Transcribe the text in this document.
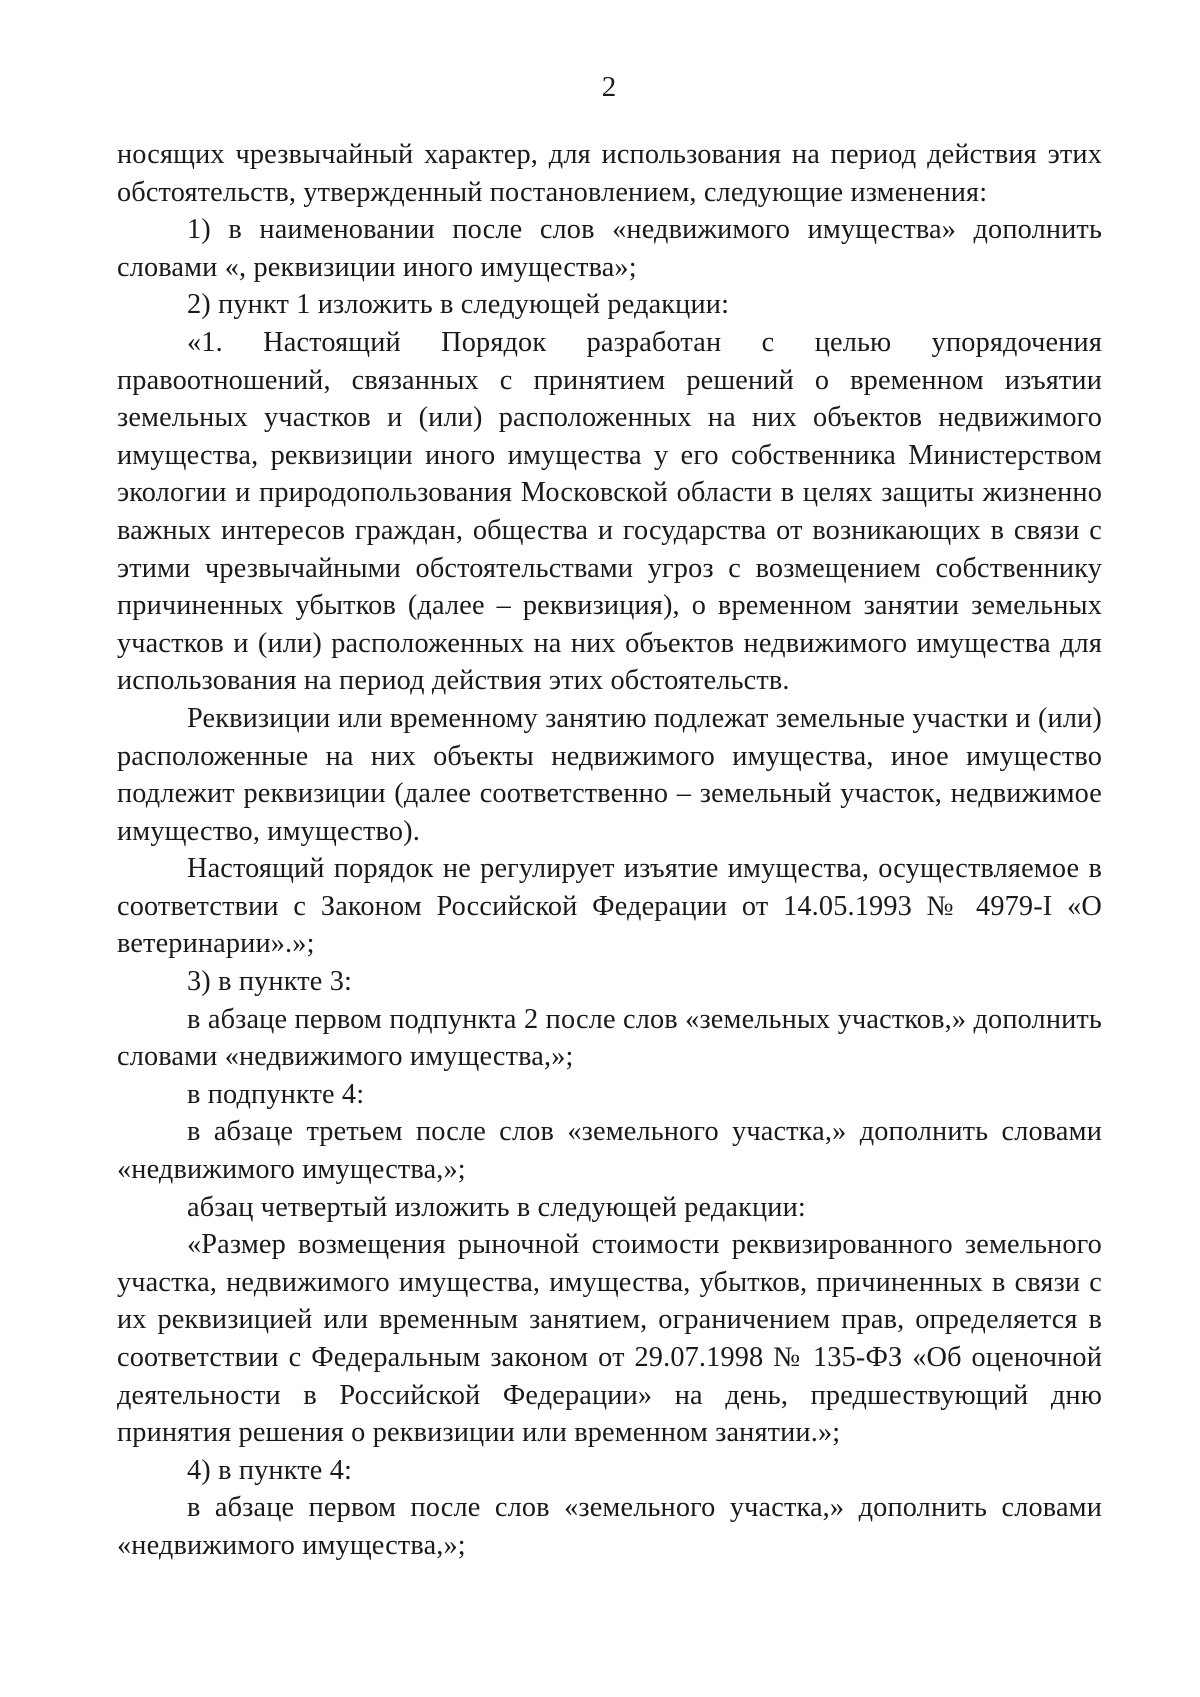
2

носящих чрезвычайный характер, для использования на период действия этих обстоятельств, утвержденный постановлением, следующие изменения:

1) в наименовании после слов «недвижимого имущества» дополнить словами «, реквизиции иного имущества»;

2) пункт 1 изложить в следующей редакции:

«1. Настоящий Порядок разработан с целью упорядочения правоотношений, связанных с принятием решений о временном изъятии земельных участков и (или) расположенных на них объектов недвижимого имущества, реквизиции иного имущества у его собственника Министерством экологии и природопользования Московской области в целях защиты жизненно важных интересов граждан, общества и государства от возникающих в связи с этими чрезвычайными обстоятельствами угроз с возмещением собственнику причиненных убытков (далее – реквизиция), о временном занятии земельных участков и (или) расположенных на них объектов недвижимого имущества для использования на период действия этих обстоятельств.

Реквизиции или временному занятию подлежат земельные участки и (или) расположенные на них объекты недвижимого имущества, иное имущество подлежит реквизиции (далее соответственно – земельный участок, недвижимое имущество, имущество).

Настоящий порядок не регулирует изъятие имущества, осуществляемое в соответствии с Законом Российской Федерации от 14.05.1993 № 4979-I «О ветеринарии».»;

3) в пункте 3:

в абзаце первом подпункта 2 после слов «земельных участков,» дополнить словами «недвижимого имущества,»;

в подпункте 4:

в абзаце третьем после слов «земельного участка,» дополнить словами «недвижимого имущества,»;

абзац четвертый изложить в следующей редакции:

«Размер возмещения рыночной стоимости реквизированного земельного участка, недвижимого имущества, имущества, убытков, причиненных в связи с их реквизицией или временным занятием, ограничением прав, определяется в соответствии с Федеральным законом от 29.07.1998 № 135-ФЗ «Об оценочной деятельности в Российской Федерации» на день, предшествующий дню принятия решения о реквизиции или временном занятии.»;

4) в пункте 4:

в абзаце первом после слов «земельного участка,» дополнить словами «недвижимого имущества,»;
